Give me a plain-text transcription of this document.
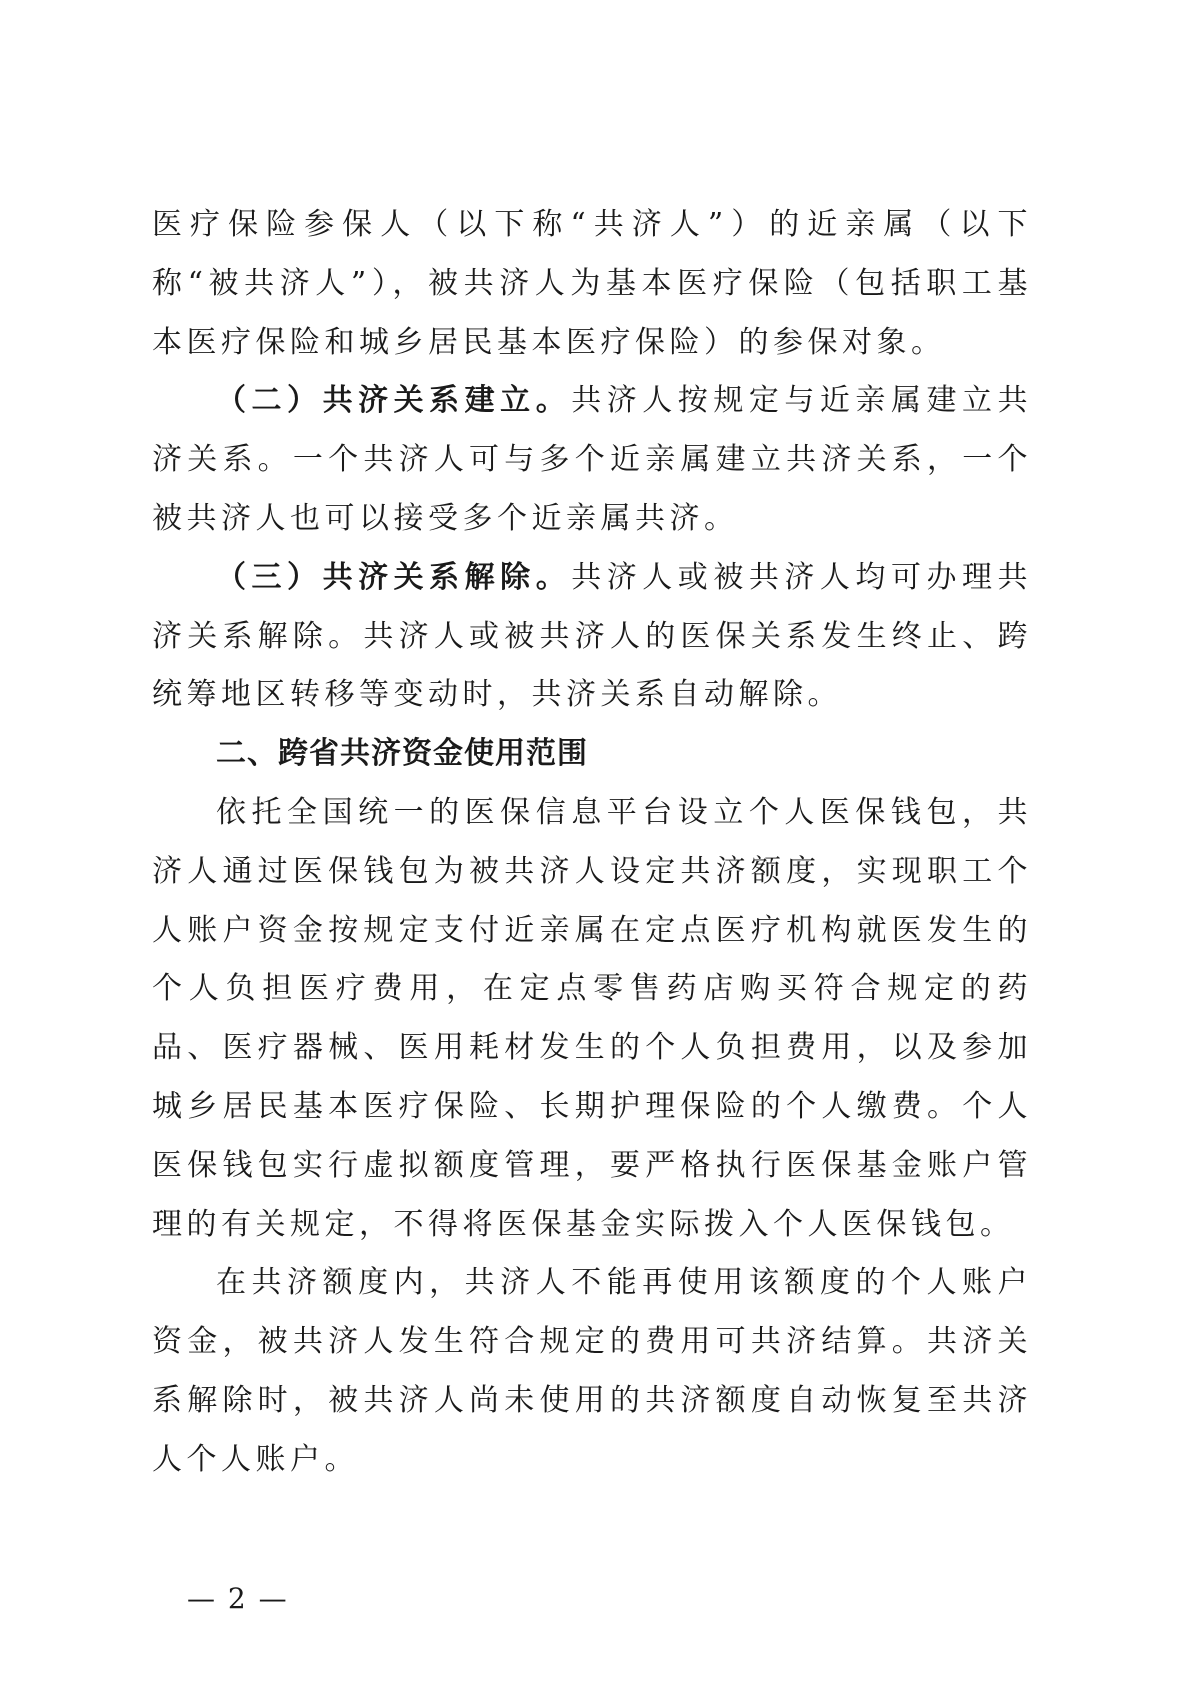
医疗保险参保人（以下称“共济人”）的近亲属（以下称“被共济人”），被共济人为基本医疗保险（包括职工基本医疗保险和城乡居民基本医疗保险）的参保对象。

（二）共济关系建立。共济人按规定与近亲属建立共济关系。一个共济人可与多个近亲属建立共济关系，一个被共济人也可以接受多个近亲属共济。

（三）共济关系解除。共济人或被共济人均可办理共济关系解除。共济人或被共济人的医保关系发生终止、跨统筹地区转移等变动时，共济关系自动解除。

二、跨省共济资金使用范围

依托全国统一的医保信息平台设立个人医保钱包，共济人通过医保钱包为被共济人设定共济额度，实现职工个人账户资金按规定支付近亲属在定点医疗机构就医发生的个人负担医疗费用，在定点零售药店购买符合规定的药品、医疗器械、医用耗材发生的个人负担费用，以及参加城乡居民基本医疗保险、长期护理保险的个人缴费。个人医保钱包实行虚拟额度管理，要严格执行医保基金账户管理的有关规定，不得将医保基金实际拨入个人医保钱包。

在共济额度内，共济人不能再使用该额度的个人账户资金，被共济人发生符合规定的费用可共济结算。共济关系解除时，被共济人尚未使用的共济额度自动恢复至共济人个人账户。

— 2 —
